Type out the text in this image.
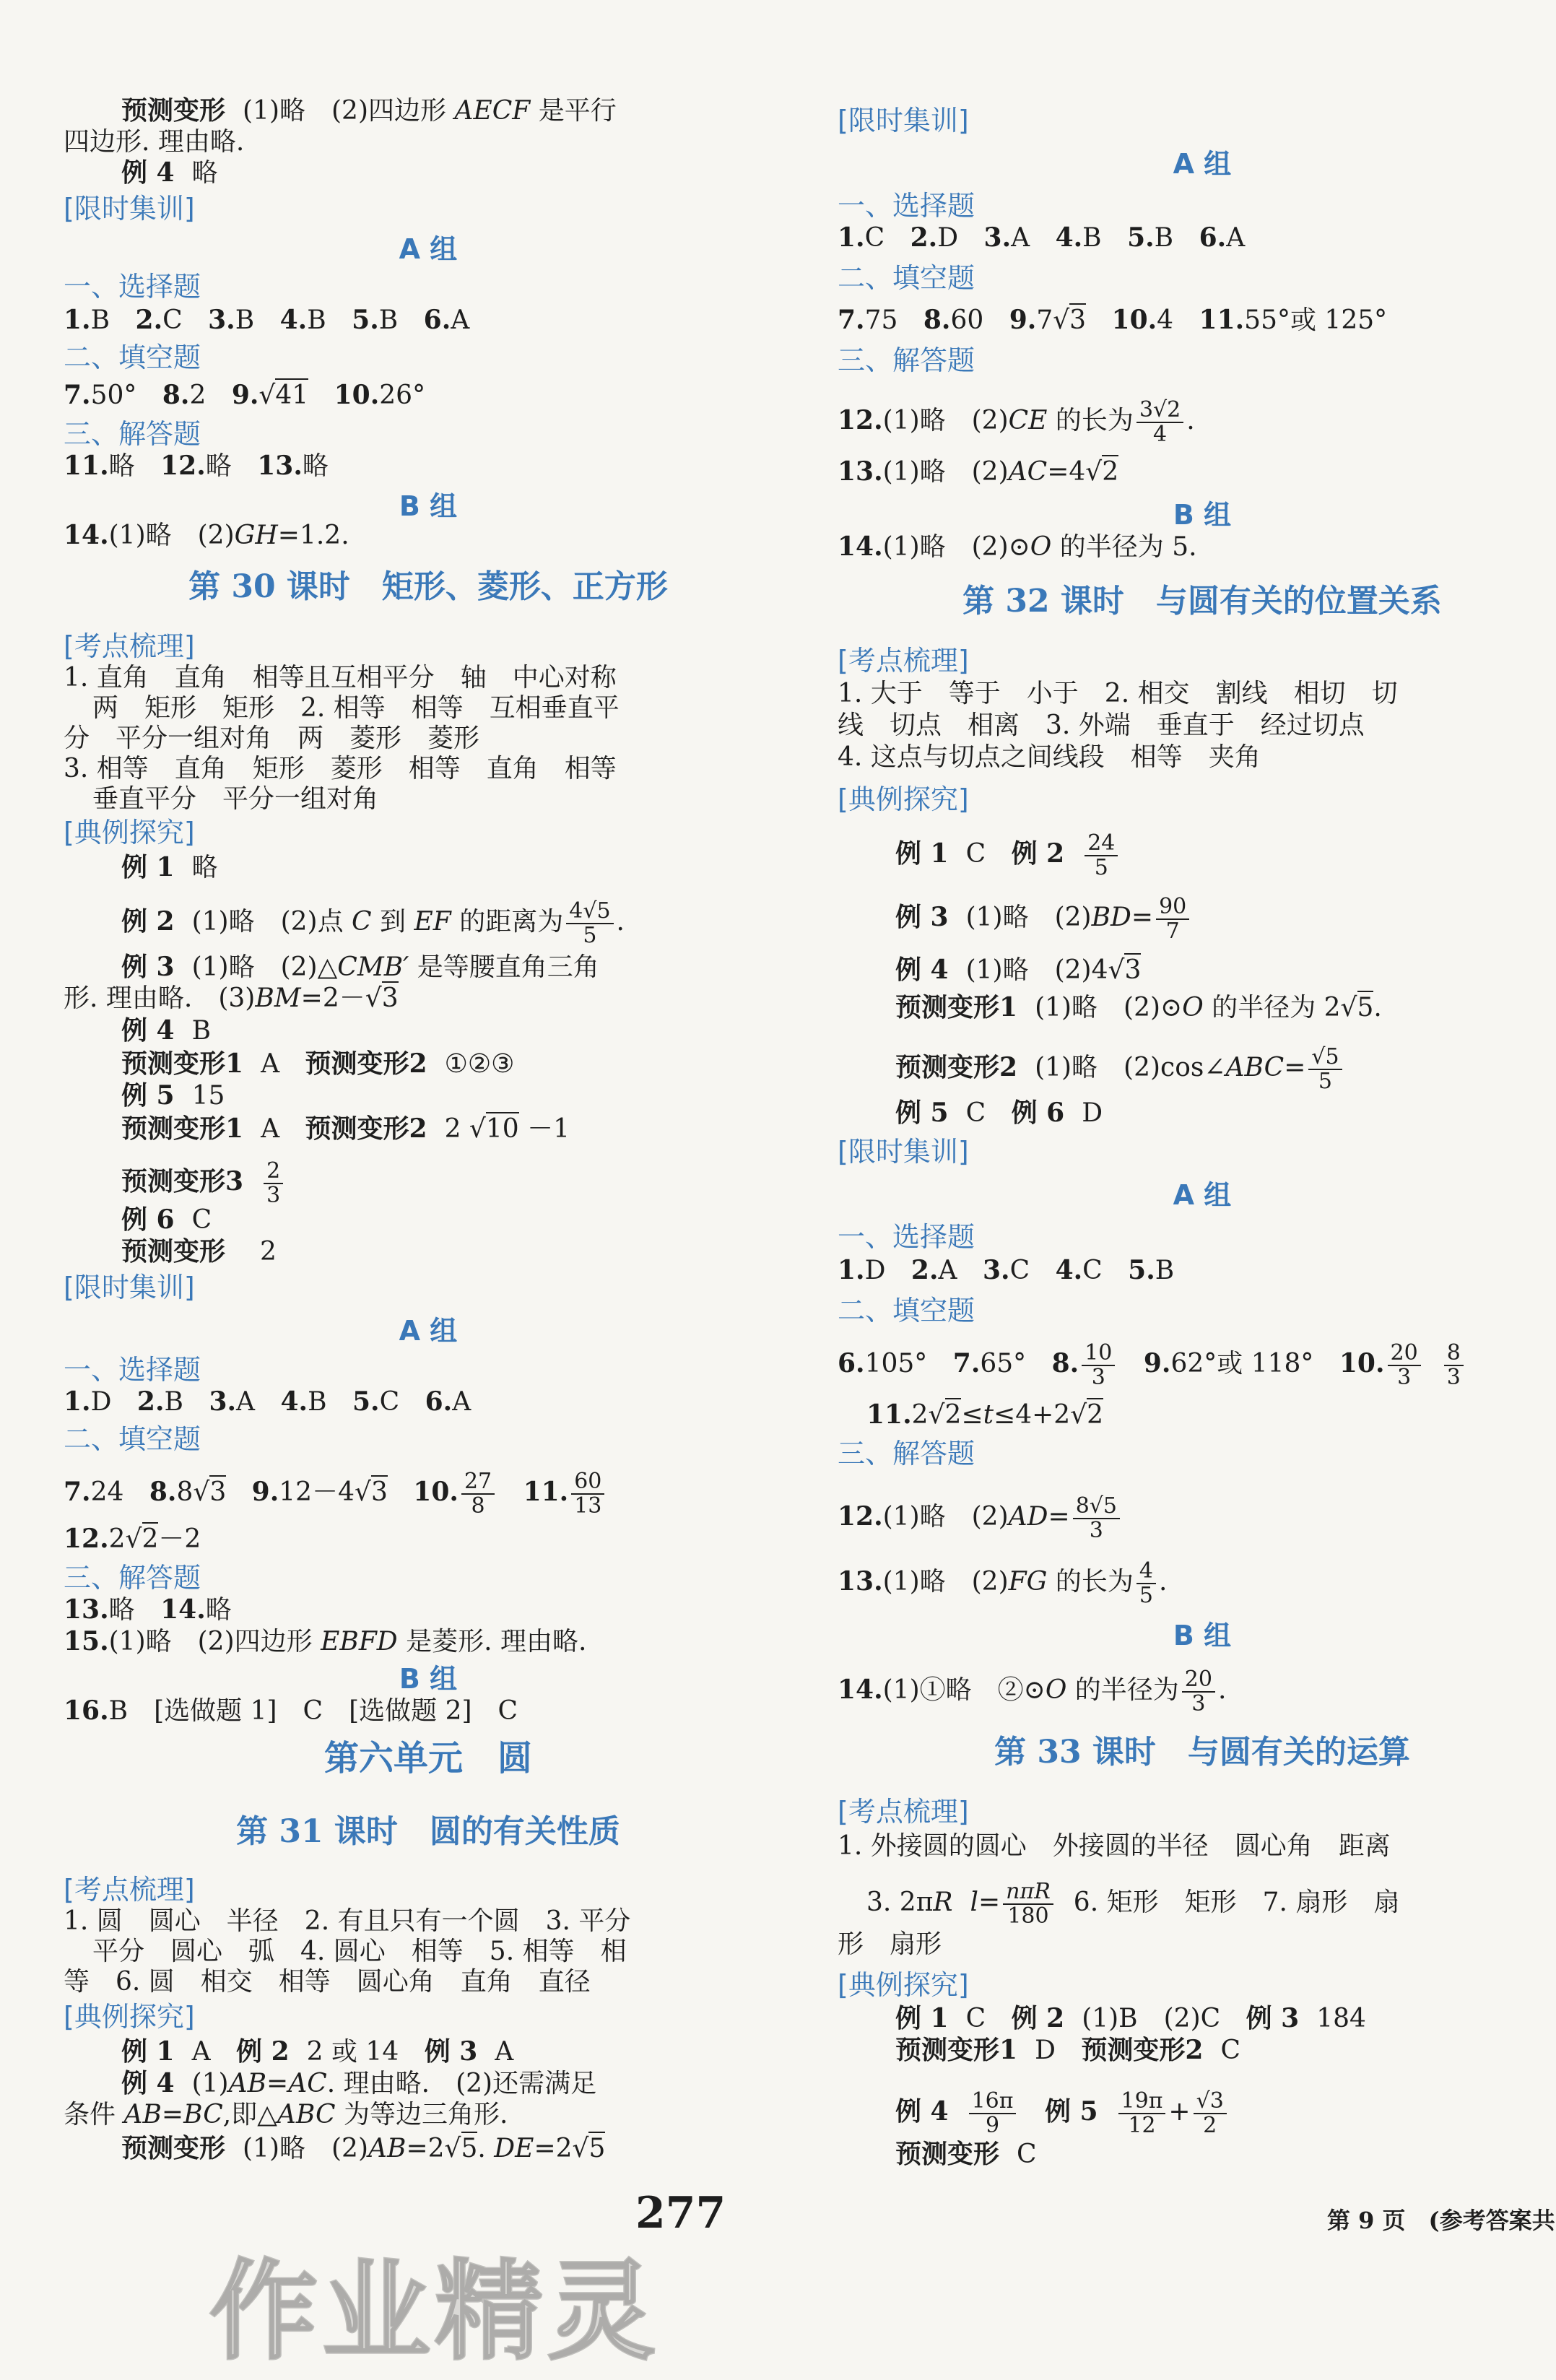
预测变形 (1)略　(2)四边形 AECF 是平行
四边形. 理由略.
例 4 略
[限时集训]
A 组
一、选择题
1.B 2.C 3.B 4.B 5.B 6.A
二、填空题
7.50° 8.2 9.√41 10.26°
三、解答题
11.略 12.略 13.略
B 组
14.(1)略　(2)GH=1.2.
第 30 课时　矩形、菱形、正方形
[考点梳理]
1. 直角　直角　相等且互相平分　轴　中心对称
两　矩形　矩形　2. 相等　相等　互相垂直平
分　平分一组对角　两　菱形　菱形
3. 相等　直角　矩形　菱形　相等　直角　相等
垂直平分　平分一组对角
[典例探究]
例 1 略
例 2 (1)略　(2)点 C 到 EF 的距离为 $\frac{4√5}{5}$ .
例 3 (1)略　(2)△CMB′ 是等腰直角三角
形. 理由略.　(3)BM=2－√3
例 4 B
预测变形1 A 预测变形2 ①②③
例 5 15
预测变形1 A 预测变形2 2 √10 －1
预测变形$3 \frac{2}{3}$
例 6 C
预测变形 2
[限时集训]
A 组
一、选择题
1.D 2.B 3.A 4.B 5.C 6.A
二、填空题
7.24 8.8√3 9.12－4√3 10. $\frac{27}{8} 11$. $\frac{60}{13}$
12.2√2－2
三、解答题
13.略 14.略
15.(1)略　(2)四边形 EBFD 是菱形. 理由略.
B 组
16.B　[选做题 1]　C　[选做题 2]　C
第六单元　圆
第 31 课时　圆的有关性质
[考点梳理]
1. 圆　圆心　半径　2. 有且只有一个圆　3. 平分
平分　圆心　弧　4. 圆心　相等　5. 相等　相
等　6. 圆　相交　相等　圆心角　直角　直径
[典例探究]
例 1 A 例 2 2 或 14 例 3 A
例 4 (1)AB=AC. 理由略.　(2)还需满足
条件 AB=BC,即△ABC 为等边三角形.
预测变形 (1)略　(2)AB=2√5. DE=2√5
[限时集训]
A 组
一、选择题
1.C 2.D 3.A 4.B 5.B 6.A
二、填空题
7.75 8.60 9.7√3 10.4 11.55°或 125°
三、解答题
12.(1)略　(2)CE 的长为 $\frac{3√2}{4}$ .
13.(1)略　(2)AC=4√2
B 组
14.(1)略　(2)⊙O 的半径为 5.
第 32 课时　与圆有关的位置关系
[考点梳理]
1. 大于　等于　小于　2. 相交　割线　相切　切
线　切点　相离　3. 外端　垂直于　经过切点
4. 这点与切点之间线段　相等　夹角
[典例探究]
例 1 C 例 $2 \frac{24}{5}$
例 3 (1)略　$(2)BD= \frac{90}{7}$
例 4 (1)略　(2)4√3
预测变形1 (1)略　(2)⊙O 的半径为 2√5.
预测变形2 (1)略　(2)cos∠ABC= $\frac{√5}{5}$
例 5 C 例 6 D
[限时集训]
A 组
一、选择题
1.D 2.A 3.C 4.C 5.B
二、填空题
6.105° 7.65° 8. $\frac{10}{3} 9.62^\circ$或 118° 10. $\frac{20}{3} \frac{8}{3}$
11.2√2≤t≤4+2√2
三、解答题
12.(1)略　$(2)AD= \frac{8√5}{3}$
13.(1)略　(2)FG 的长为 $\frac{4}{5}$ .
B 组
14.(1)①略　②⊙O 的半径为 $\frac{20}{3}$ .
第 33 课时　与圆有关的运算
[考点梳理]
1. 外接圆的圆心　外接圆的半径　圆心角　距离
3. 2πR $l= \frac{\text{nπR}}{180} 6$. 矩形　矩形　7. 扇形　扇
形　扇形
[典例探究]
例 1 C 例 2 (1)B　(2)C 例 3 184
预测变形1 D 预测变形2 C
例 $4 \frac{16\pi}{9}$ 例 $5 \frac{19\pi}{12} + \frac{√3}{2}$
预测变形 C
277	第 9 页　(参考答案共
作业精灵
